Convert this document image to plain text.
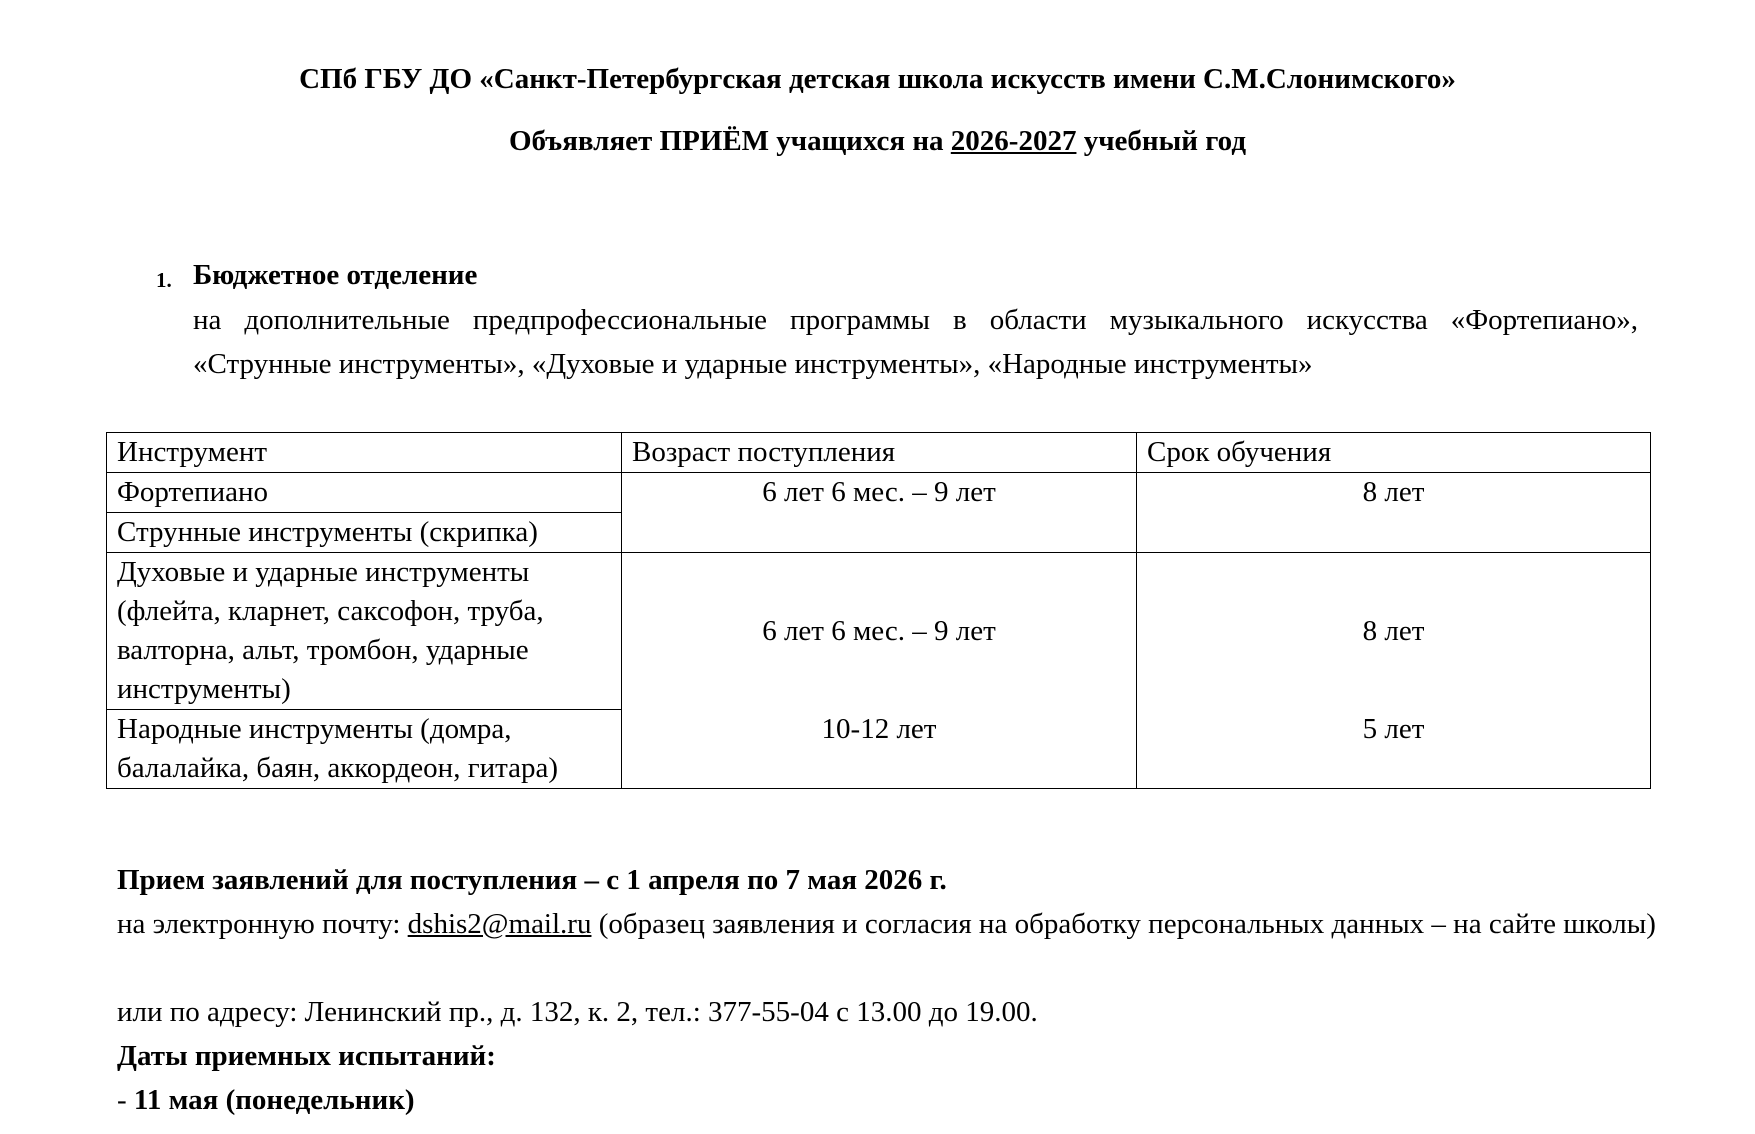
СПб ГБУ ДО «Санкт-Петербургская детская школа искусств имени С.М.Слонимского»
Объявляет ПРИЁМ учащихся на 2026-2027 учебный год
1. Бюджетное отделение
на дополнительные предпрофессиональные программы в области музыкального искусства «Фортепиано», «Струнные инструменты», «Духовые и ударные инструменты», «Народные инструменты»
Инструмент	Возраст поступления	Срок обучения
Фортепиано	6 лет 6 мес. – 9 лет	8 лет
Струнные инструменты (скрипка)		
Духовые и ударные инструменты (флейта, кларнет, саксофон, труба, валторна, альт, тромбон, ударные инструменты)	6 лет 6 мес. – 9 лет	8 лет
Народные инструменты (домра, балалайка, баян, аккордеон, гитара)	10-12 лет	5 лет
Прием заявлений для поступления – с 1 апреля по 7 мая 2026 г.
на электронную почту: dshis2@mail.ru (образец заявления и согласия на обработку персональных данных – на сайте школы)
или по адресу: Ленинский пр., д. 132, к. 2, тел.: 377-55-04 с 13.00 до 19.00.
Даты приемных испытаний:
- 11 мая (понедельник)
